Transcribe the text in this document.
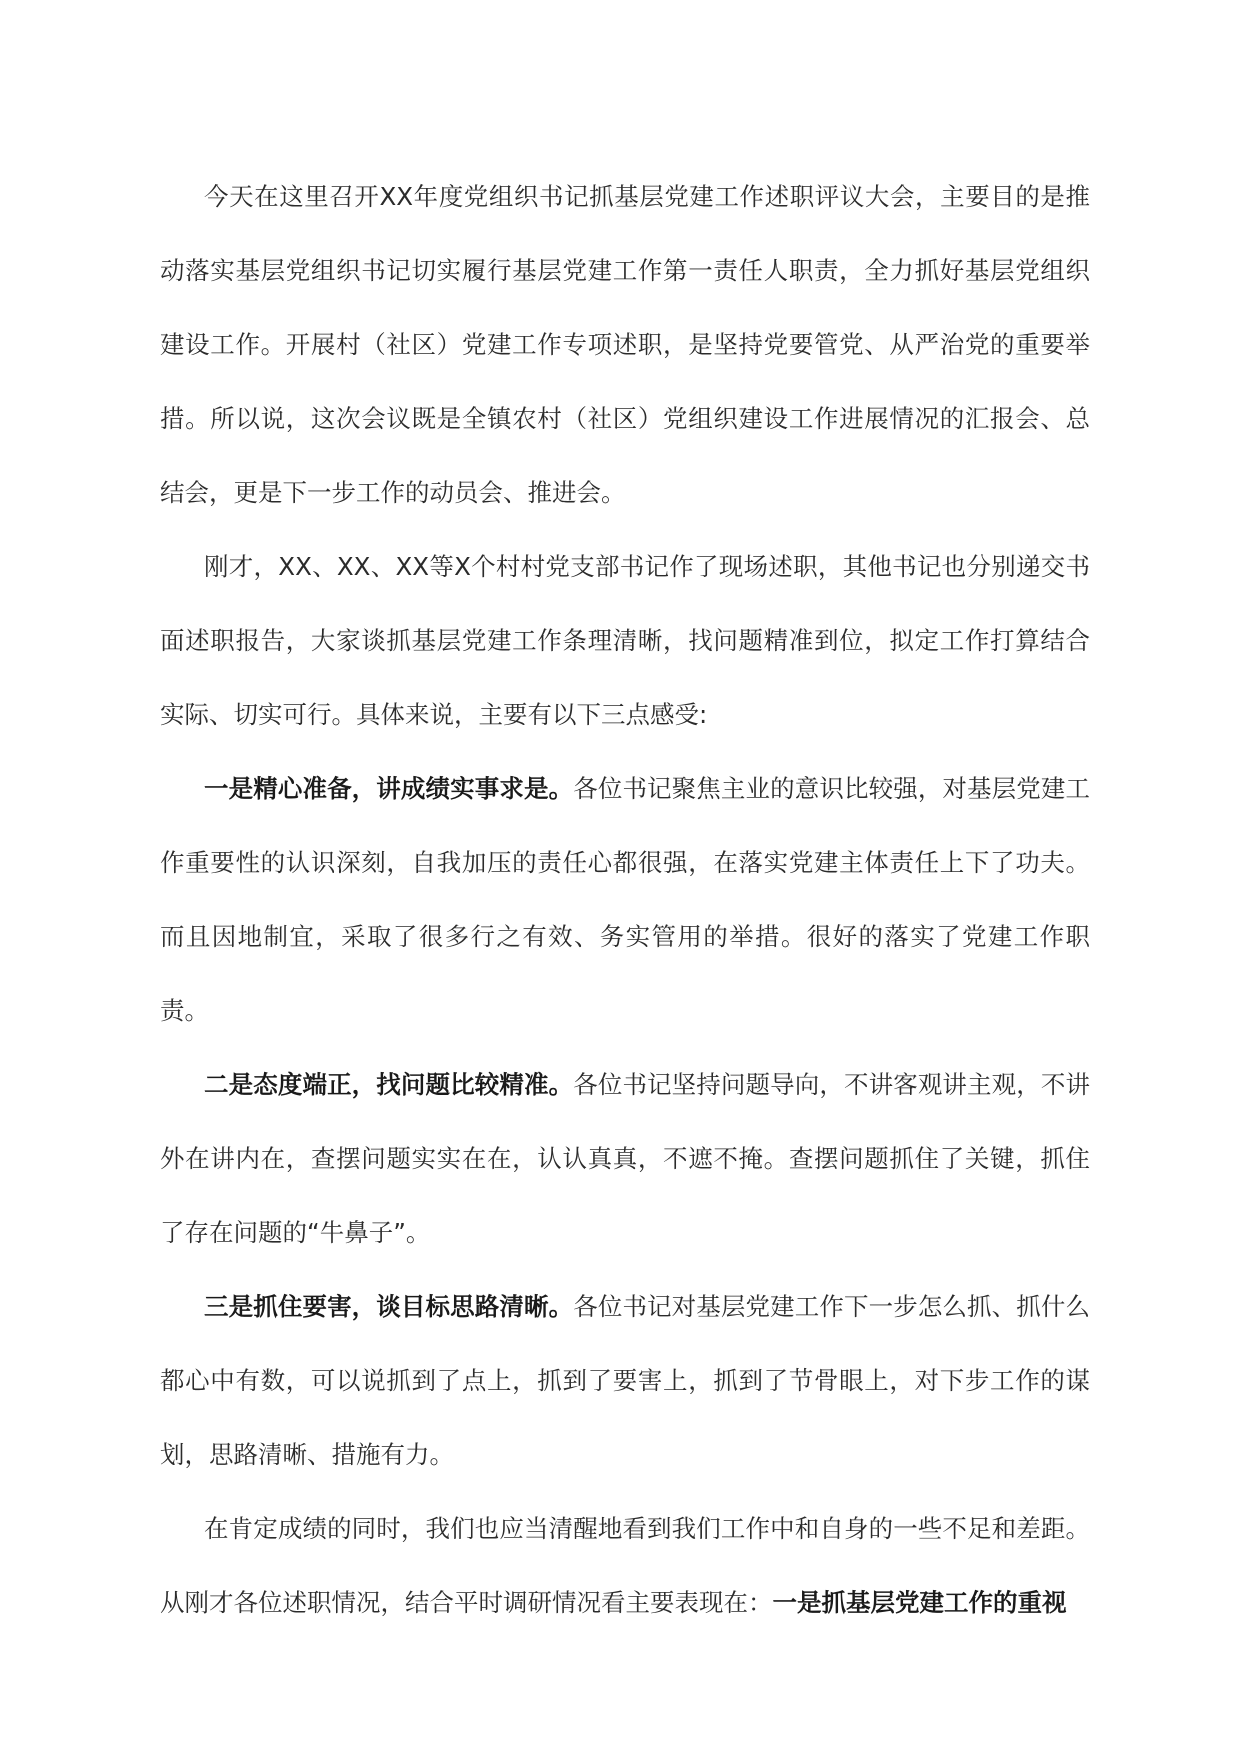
今天在这里召开XX年度党组织书记抓基层党建工作述职评议大会，主要目的是推动落实基层党组织书记切实履行基层党建工作第一责任人职责，全力抓好基层党组织建设工作。开展村（社区）党建工作专项述职，是坚持党要管党、从严治党的重要举措。所以说，这次会议既是全镇农村（社区）党组织建设工作进展情况的汇报会、总结会，更是下一步工作的动员会、推进会。

刚才，XX、XX、XX等X个村村党支部书记作了现场述职，其他书记也分别递交书面述职报告，大家谈抓基层党建工作条理清晰，找问题精准到位，拟定工作打算结合实际、切实可行。具体来说，主要有以下三点感受:

一是精心准备，讲成绩实事求是。各位书记聚焦主业的意识比较强，对基层党建工作重要性的认识深刻，自我加压的责任心都很强，在落实党建主体责任上下了功夫。而且因地制宜，采取了很多行之有效、务实管用的举措。很好的落实了党建工作职责。

二是态度端正，找问题比较精准。各位书记坚持问题导向，不讲客观讲主观，不讲外在讲内在，查摆问题实实在在，认认真真，不遮不掩。查摆问题抓住了关键，抓住了存在问题的“牛鼻子”。

三是抓住要害，谈目标思路清晰。各位书记对基层党建工作下一步怎么抓、抓什么都心中有数，可以说抓到了点上，抓到了要害上，抓到了节骨眼上，对下步工作的谋划，思路清晰、措施有力。

在肯定成绩的同时，我们也应当清醒地看到我们工作中和自身的一些不足和差距。从刚才各位述职情况，结合平时调研情况看主要表现在：一是抓基层党建工作的重视
